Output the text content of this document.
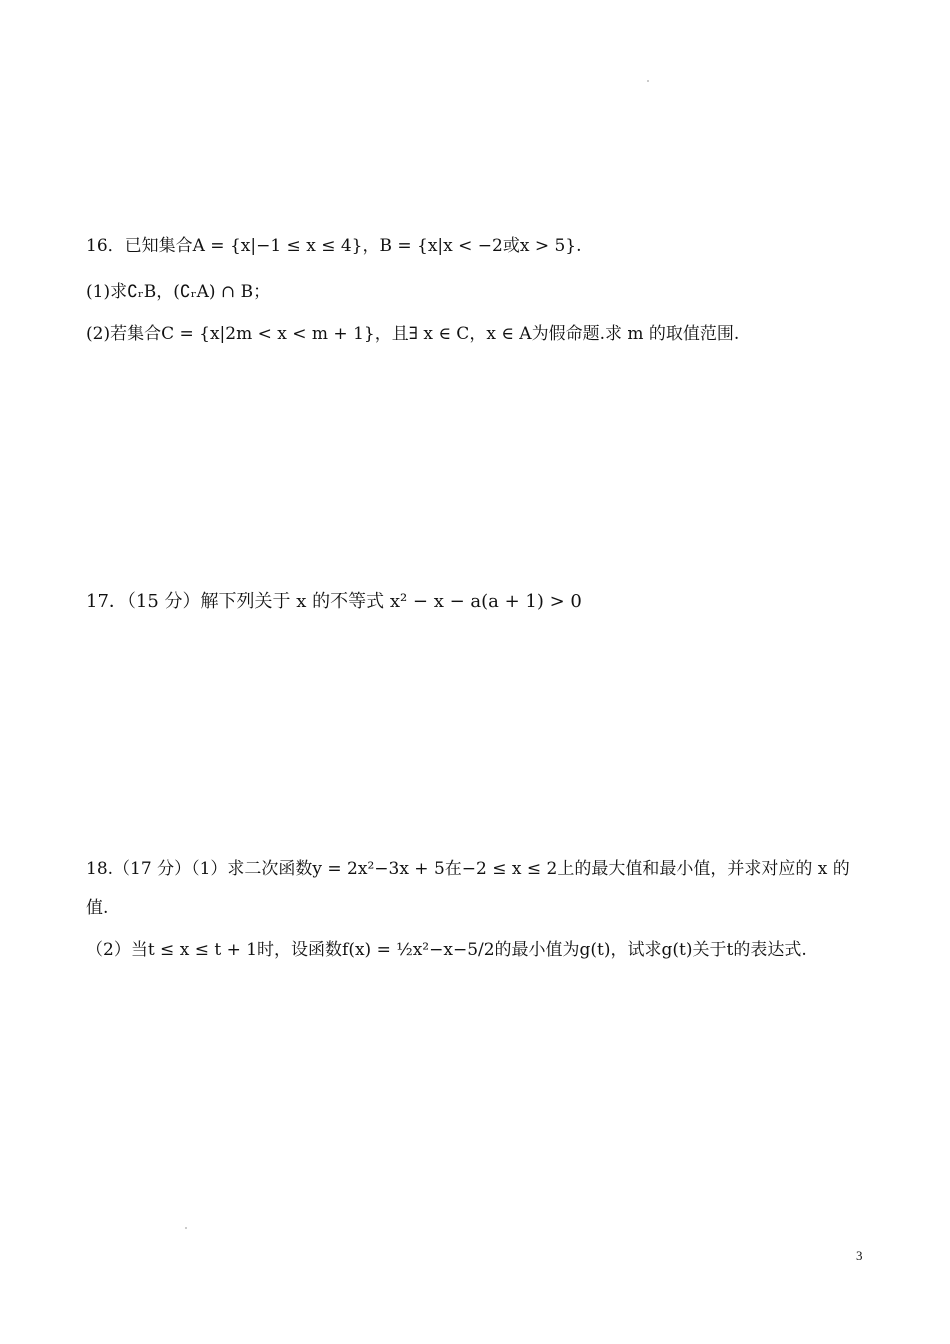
16．已知集合A = {x|−1 ≤ x ≤ 4}，B = {x|x < −2或x > 5}.
(1)求∁ᵣB，(∁ᵣA) ∩ B；
(2)若集合C = {x|2m < x < m + 1}，且∃ x ∈ C，x ∈ A为假命题.求 m 的取值范围.
17．（15 分）解下列关于 x 的不等式 x² − x − a(a + 1) > 0
18.（17 分）（1）求二次函数y = 2x²−3x + 5在−2 ≤ x ≤ 2上的最大值和最小值，并求对应的 x 的
值.
（2）当t ≤ x ≤ t + 1时，设函数f(x) = ½x²−x−5/2的最小值为g(t)，试求g(t)关于t的表达式.
3
